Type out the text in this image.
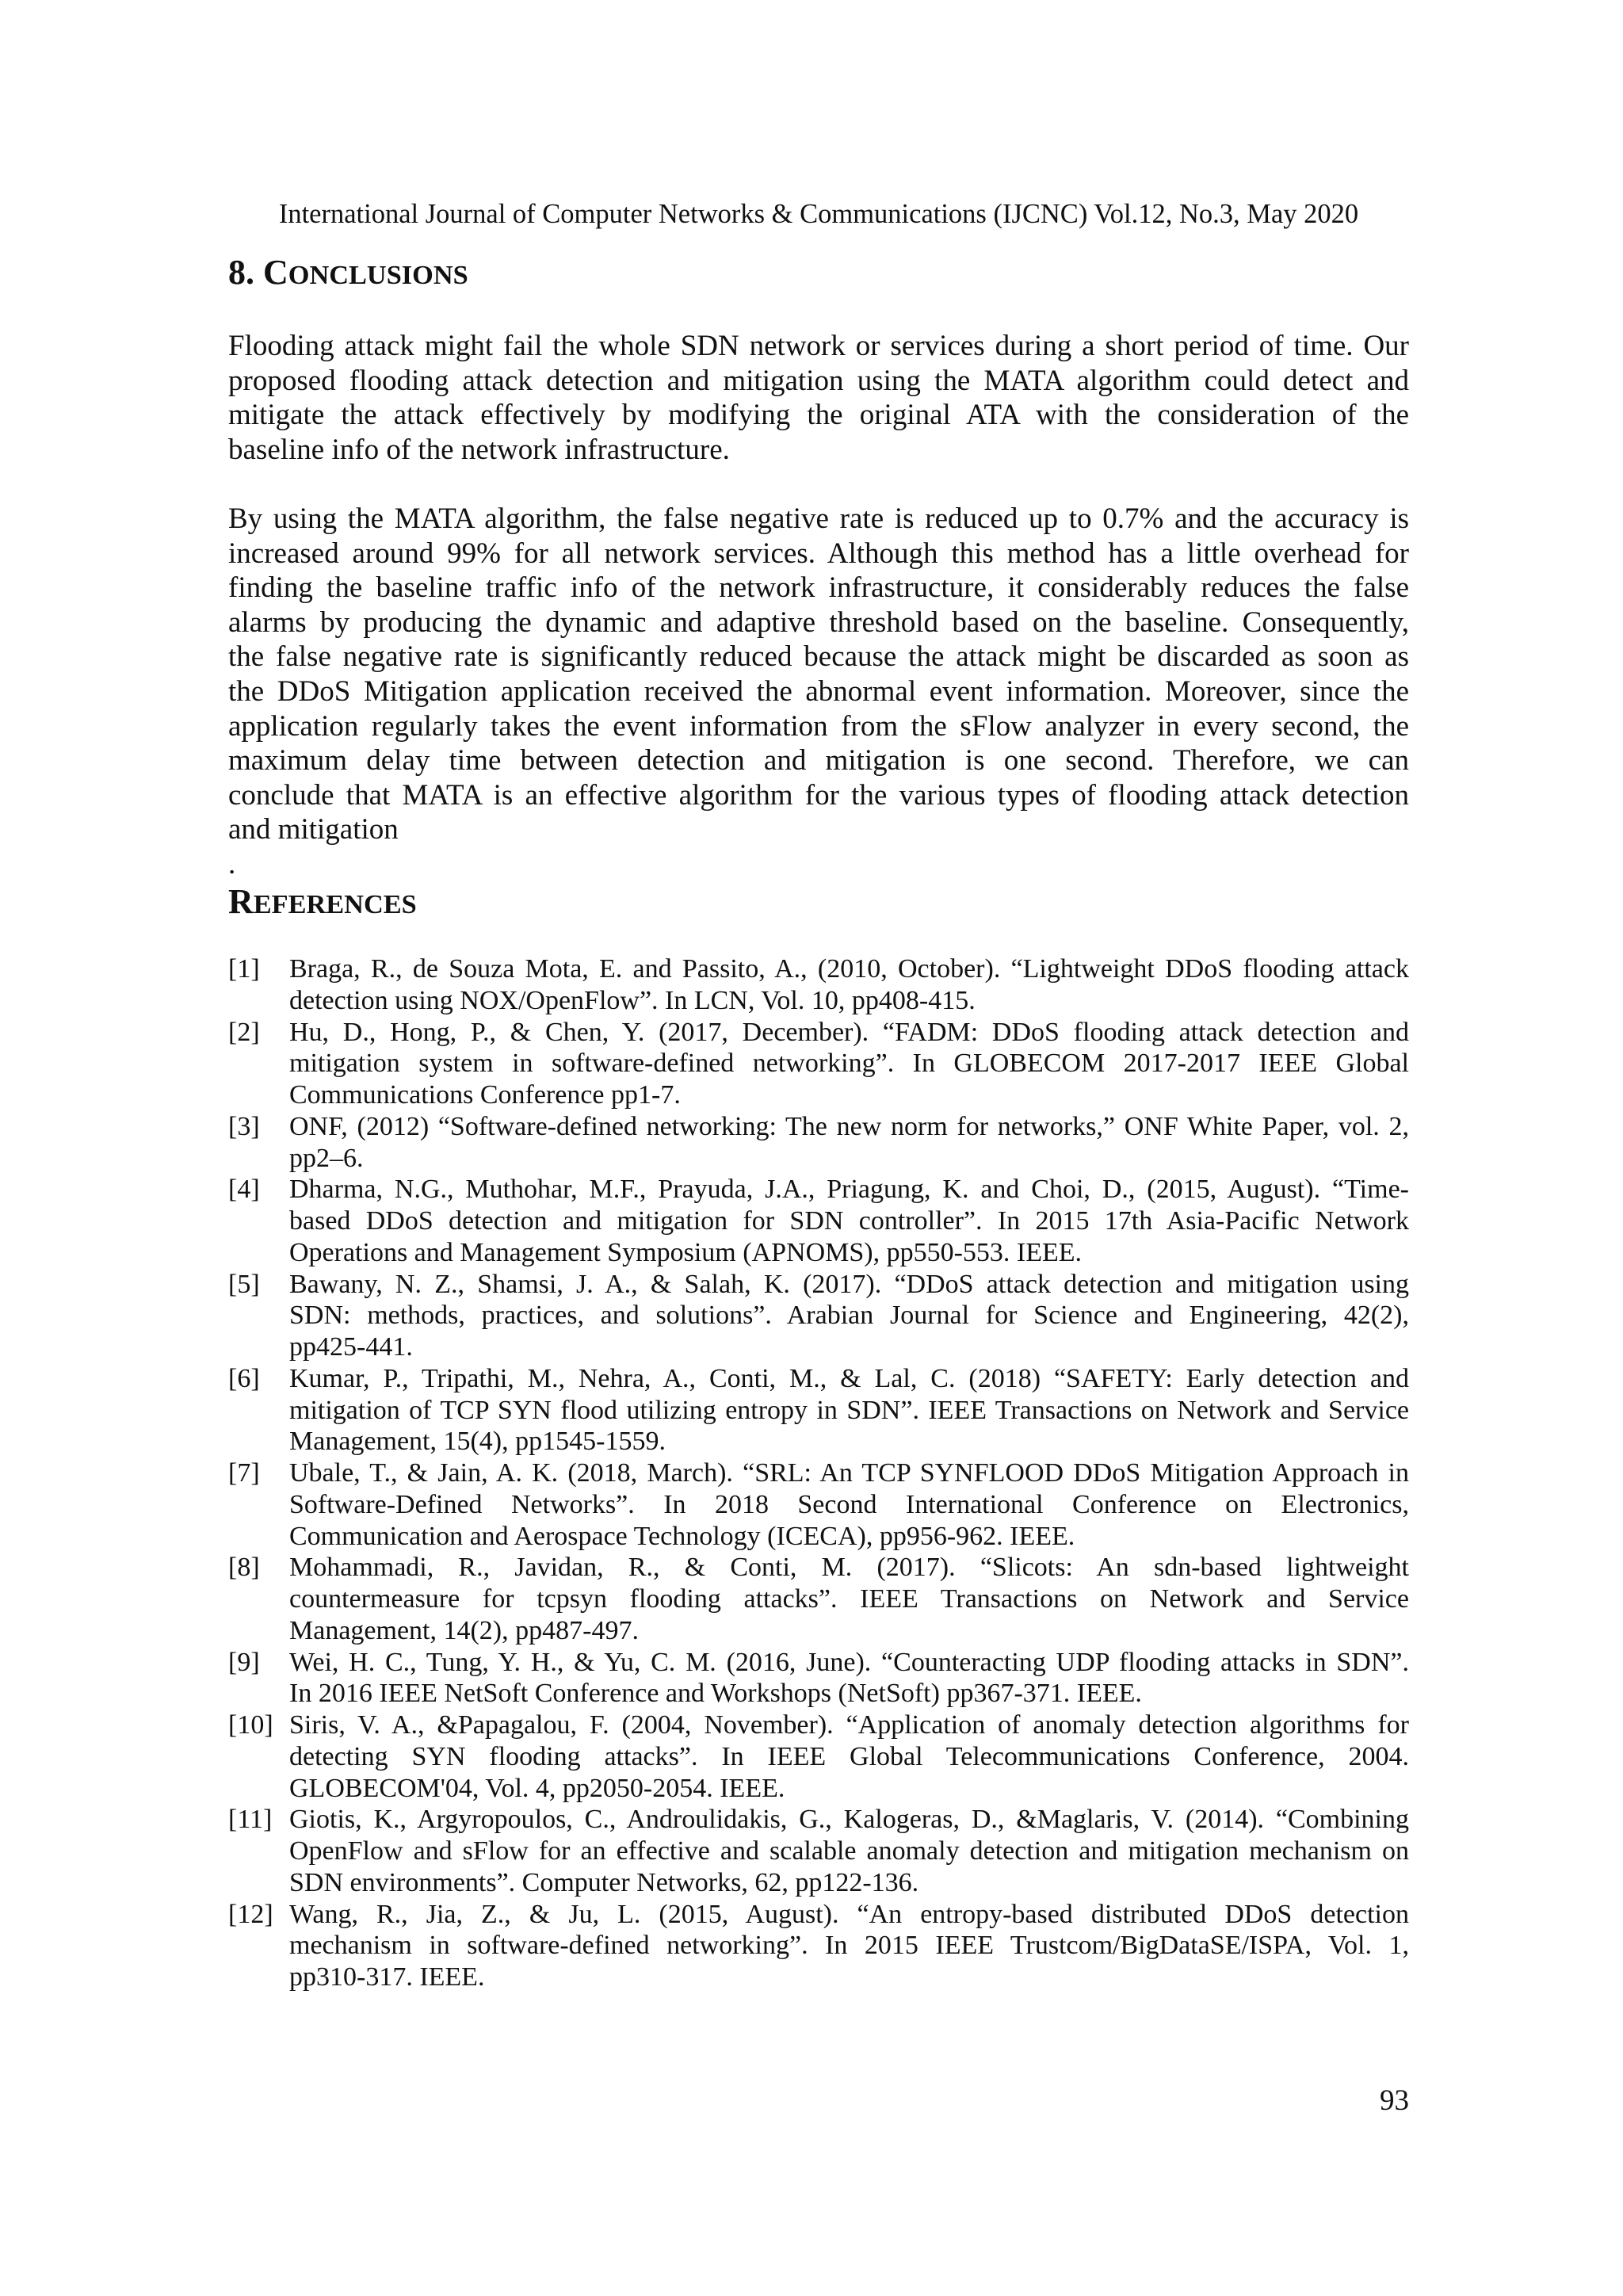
International Journal of Computer Networks & Communications (IJCNC) Vol.12, No.3, May 2020
8. CONCLUSIONS
Flooding attack might fail the whole SDN network or services during a short period of time. Our
proposed flooding attack detection and mitigation using the MATA algorithm could detect and
mitigate the attack effectively by modifying the original ATA with the consideration of the
baseline info of the network infrastructure.
By using the MATA algorithm, the false negative rate is reduced up to 0.7% and the accuracy is
increased around 99% for all network services. Although this method has a little overhead for
finding the baseline traffic info of the network infrastructure, it considerably reduces the false
alarms by producing the dynamic and adaptive threshold based on the baseline. Consequently,
the false negative rate is significantly reduced because the attack might be discarded as soon as
the DDoS Mitigation application received the abnormal event information. Moreover, since the
application regularly takes the event information from the sFlow analyzer in every second, the
maximum delay time between detection and mitigation is one second. Therefore, we can
conclude that MATA is an effective algorithm for the various types of flooding attack detection
and mitigation
.
REFERENCES
[1] Braga, R., de Souza Mota, E. and Passito, A., (2010, October). “Lightweight DDoS flooding attack
detection using NOX/OpenFlow”. In LCN, Vol. 10, pp408-415.
[2] Hu, D., Hong, P., & Chen, Y. (2017, December). “FADM: DDoS flooding attack detection and
mitigation system in software-defined networking”. In GLOBECOM 2017-2017 IEEE Global
Communications Conference pp1-7.
[3] ONF, (2012) “Software-defined networking: The new norm for networks,” ONF White Paper, vol. 2,
pp2–6.
[4] Dharma, N.G., Muthohar, M.F., Prayuda, J.A., Priagung, K. and Choi, D., (2015, August). “Time-
based DDoS detection and mitigation for SDN controller”. In 2015 17th Asia-Pacific Network
Operations and Management Symposium (APNOMS), pp550-553. IEEE.
[5] Bawany, N. Z., Shamsi, J. A., & Salah, K. (2017). “DDoS attack detection and mitigation using
SDN: methods, practices, and solutions”. Arabian Journal for Science and Engineering, 42(2),
pp425-441.
[6] Kumar, P., Tripathi, M., Nehra, A., Conti, M., & Lal, C. (2018) “SAFETY: Early detection and
mitigation of TCP SYN flood utilizing entropy in SDN”. IEEE Transactions on Network and Service
Management, 15(4), pp1545-1559.
[7] Ubale, T., & Jain, A. K. (2018, March). “SRL: An TCP SYNFLOOD DDoS Mitigation Approach in
Software-Defined Networks”. In 2018 Second International Conference on Electronics,
Communication and Aerospace Technology (ICECA), pp956-962. IEEE.
[8] Mohammadi, R., Javidan, R., & Conti, M. (2017). “Slicots: An sdn-based lightweight
countermeasure for tcpsyn flooding attacks”. IEEE Transactions on Network and Service
Management, 14(2), pp487-497.
[9] Wei, H. C., Tung, Y. H., & Yu, C. M. (2016, June). “Counteracting UDP flooding attacks in SDN”.
In 2016 IEEE NetSoft Conference and Workshops (NetSoft) pp367-371. IEEE.
[10] Siris, V. A., &Papagalou, F. (2004, November). “Application of anomaly detection algorithms for
detecting SYN flooding attacks”. In IEEE Global Telecommunications Conference, 2004.
GLOBECOM'04, Vol. 4, pp2050-2054. IEEE.
[11] Giotis, K., Argyropoulos, C., Androulidakis, G., Kalogeras, D., &Maglaris, V. (2014). “Combining
OpenFlow and sFlow for an effective and scalable anomaly detection and mitigation mechanism on
SDN environments”. Computer Networks, 62, pp122-136.
[12] Wang, R., Jia, Z., & Ju, L. (2015, August). “An entropy-based distributed DDoS detection
mechanism in software-defined networking”. In 2015 IEEE Trustcom/BigDataSE/ISPA, Vol. 1,
pp310-317. IEEE.
93
